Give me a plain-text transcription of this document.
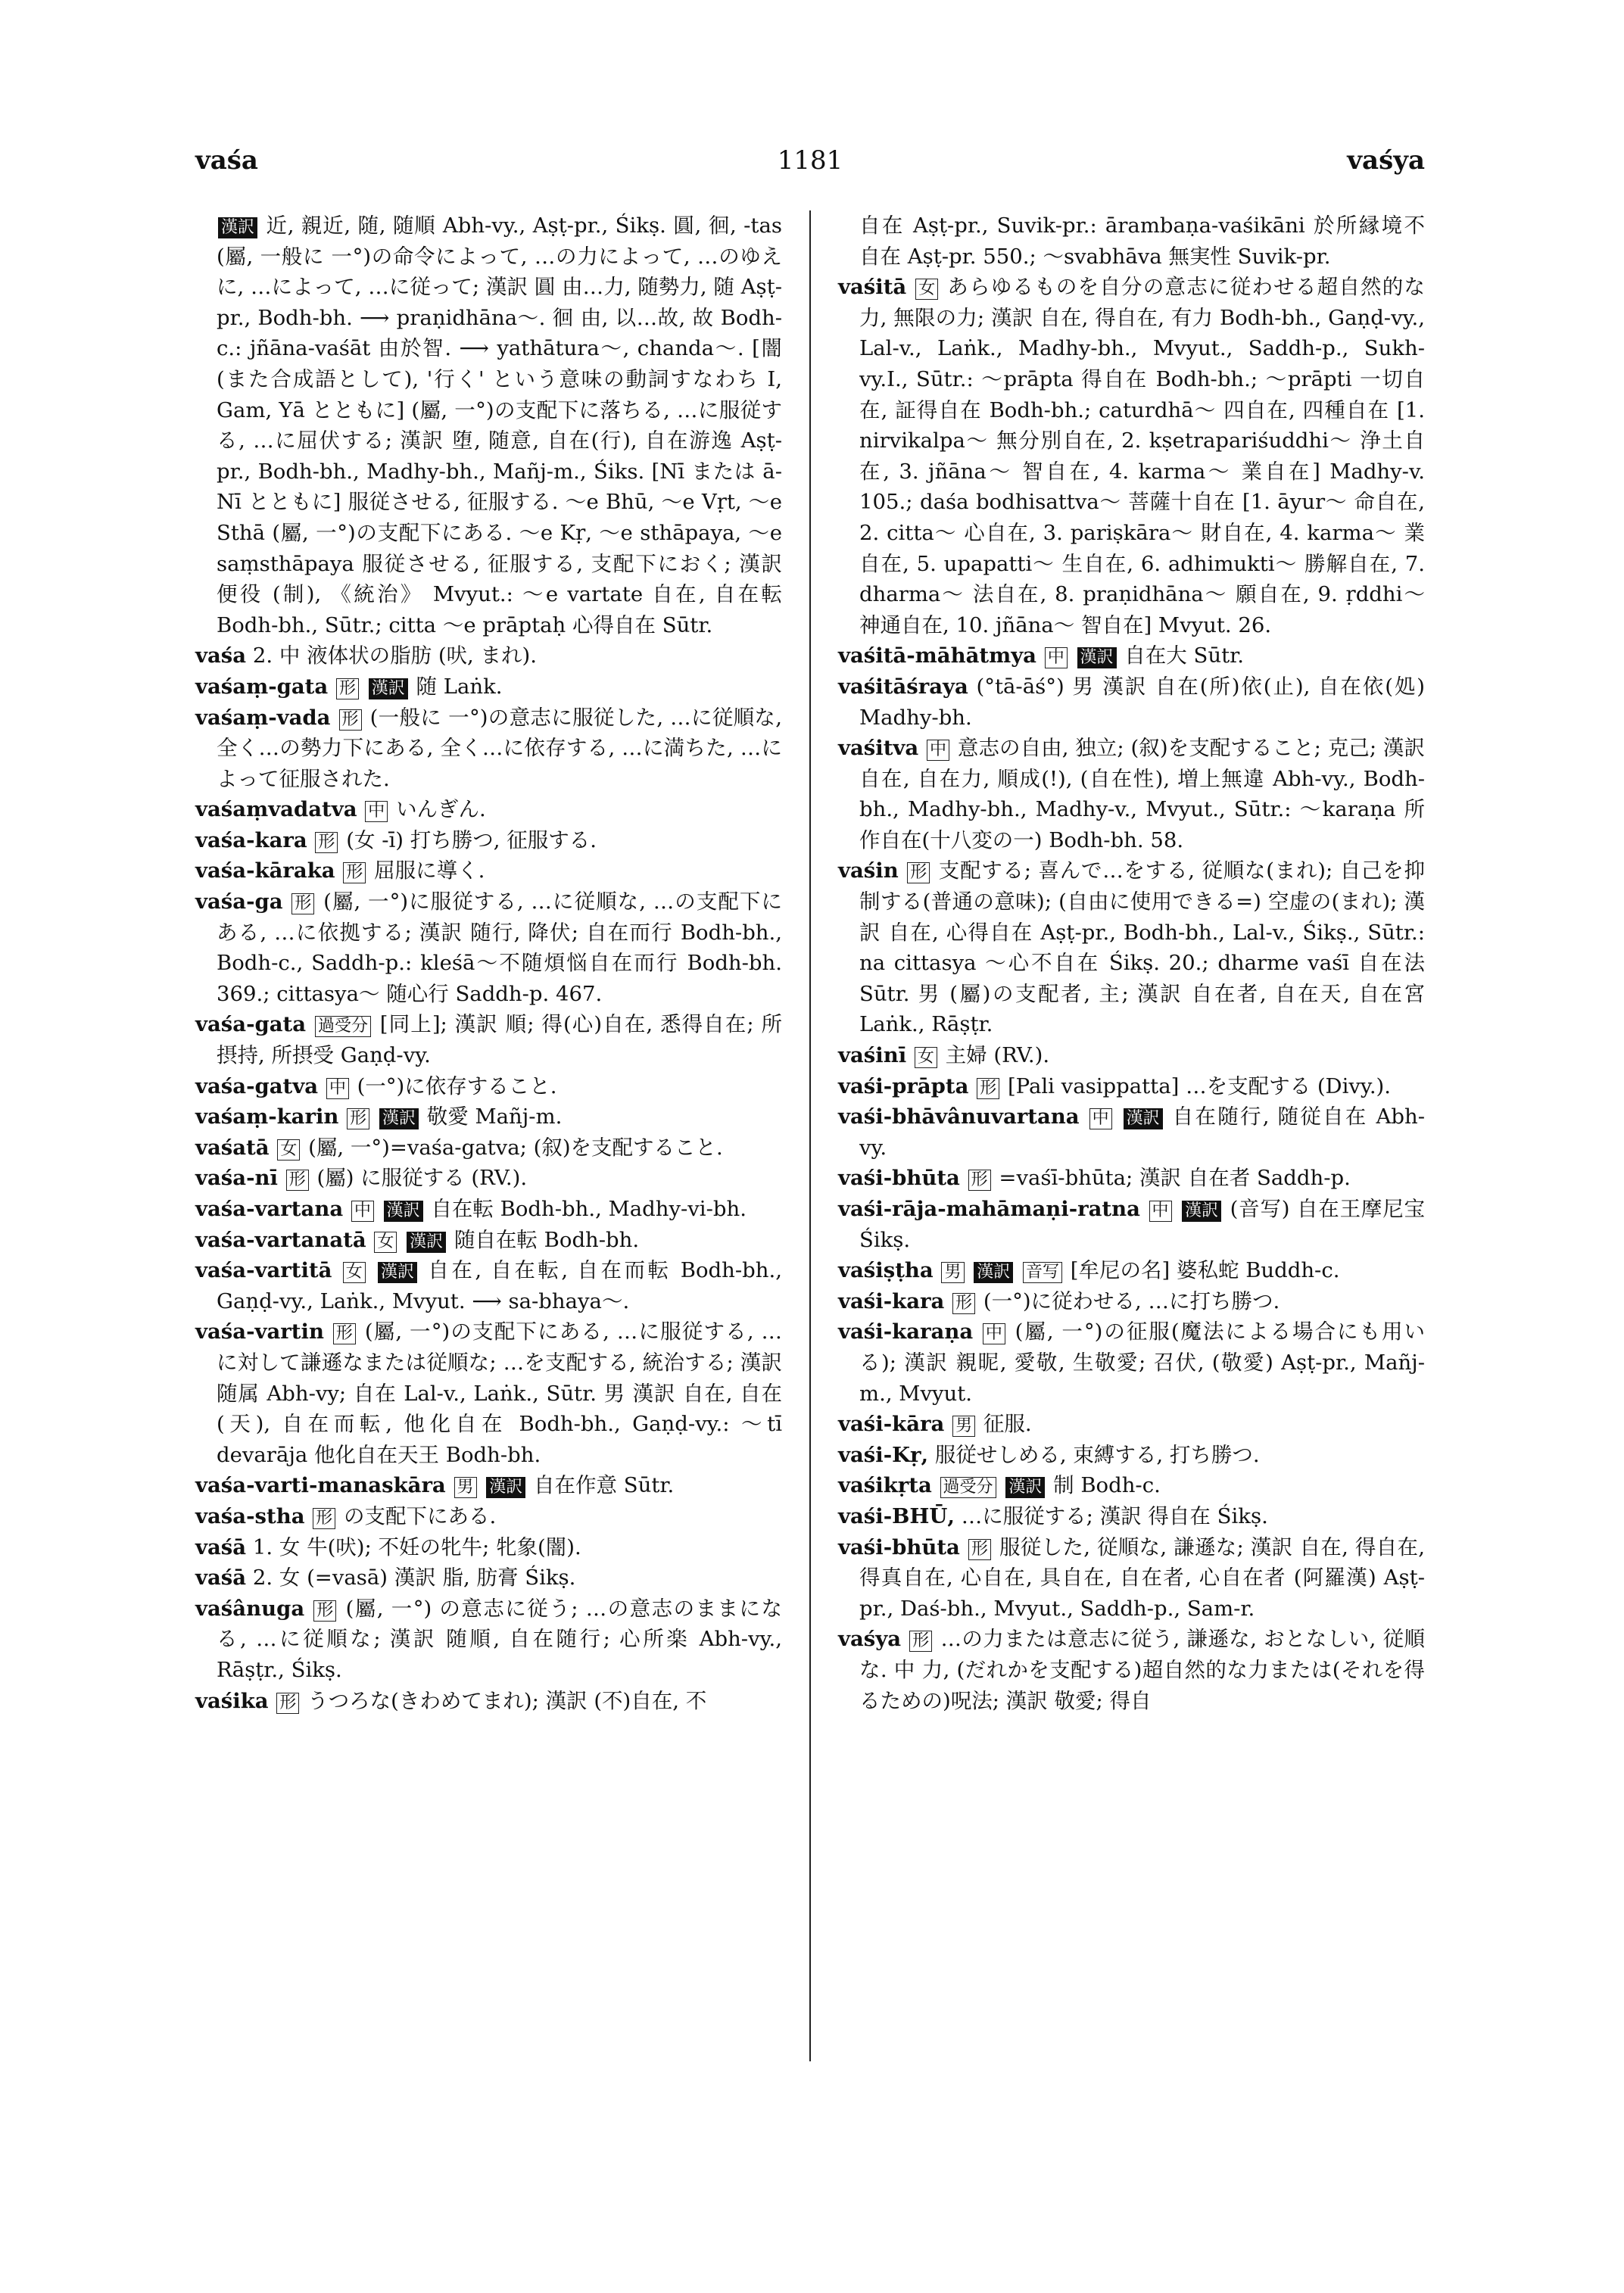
vaśa	1181	vaśya

漢訳 近, 親近, 随, 随順 Abh-vy., Aṣṭ-pr., Śikṣ. 圓, 徊, -tas (屬, 一般に 一°)の命令によって, …の力によって, …のゆえに, …によって, …に従って; 漢訳 圓 由…力, 随勢力, 随 Aṣṭ-pr., Bodh-bh. ⟶ praṇidhāna～. 徊 由, 以…故, 故 Bodh-c.: jñāna-vaśāt 由於智. ⟶ yathātura～, chanda～. [闇 (また合成語として), '行く' という意味の動詞すなわち I, Gam, Yā とともに] (屬, 一°)の支配下に落ちる, …に服従する, …に屈伏する; 漢訳 堕, 随意, 自在(行), 自在游逸 Aṣṭ-pr., Bodh-bh., Madhy-bh., Mañj-m., Śiks. [Nī または ā-Nī とともに] 服従させる, 征服する. ～e Bhū, ～e Vṛt, ～e Sthā (屬, 一°)の支配下にある. ～e Kṛ, ～e sthāpaya, ～e saṃsthāpaya 服従させる, 征服する, 支配下におく; 漢訳 便役 (制), 《統治》 Mvyut.: ～e vartate 自在, 自在転 Bodh-bh., Sūtr.; citta ～e prāptaḥ 心得自在 Sūtr.

vaśa 2. 中 液体状の脂肪 (吠, まれ).

vaśaṃ-gata 形 漢訳 随 Laṅk.

vaśaṃ-vada 形 (一般に 一°)の意志に服従した, …に従順な, 全く…の勢力下にある, 全く…に依存する, …に満ちた, …によって征服された.

vaśaṃvadatva 中 いんぎん.

vaśa-kara 形 (女 -ī) 打ち勝つ, 征服する.

vaśa-kāraka 形 屈服に導く.

vaśa-ga 形 (屬, 一°)に服従する, …に従順な, …の支配下にある, …に依拠する; 漢訳 随行, 降伏; 自在而行 Bodh-bh., Bodh-c., Saddh-p.: kleśā～不随煩悩自在而行 Bodh-bh. 369.; cittasya～ 随心行 Saddh-p. 467.

vaśa-gata 過受分 [同上]; 漢訳 順; 得(心)自在, 悉得自在; 所摂持, 所摂受 Gaṇḍ-vy.

vaśa-gatva 中 (一°)に依存すること.

vaśaṃ-karin 形 漢訳 敬愛 Mañj-m.

vaśatā 女 (屬, 一°)=vaśa-gatva; (叙)を支配すること.

vaśa-nī 形 (屬) に服従する (RV.).

vaśa-vartana 中 漢訳 自在転 Bodh-bh., Madhy-vi-bh.

vaśa-vartanatā 女 漢訳 随自在転 Bodh-bh.

vaśa-vartitā 女 漢訳 自在, 自在転, 自在而転 Bodh-bh., Gaṇḍ-vy., Laṅk., Mvyut. ⟶ sa-bhaya～.

vaśa-vartin 形 (屬, 一°)の支配下にある, …に服従する, …に対して謙遜なまたは従順な; …を支配する, 統治する; 漢訳 随属 Abh-vy; 自在 Lal-v., Laṅk., Sūtr. 男 漢訳 自在, 自在(天), 自在而転, 他化自在 Bodh-bh., Gaṇḍ-vy.: ～tī devarāja 他化自在天王 Bodh-bh.

vaśa-varti-manaskāra 男 漢訳 自在作意 Sūtr.

vaśa-stha 形 の支配下にある.

vaśā 1. 女 牛(吠); 不妊の牝牛; 牝象(闇).

vaśā 2. 女 (=vasā) 漢訳 脂, 肪膏 Śikṣ.

vaśânuga 形 (屬, 一°) の意志に従う; …の意志のままになる, …に従順な; 漢訳 随順, 自在随行; 心所楽 Abh-vy., Rāṣṭr., Śikṣ.

vaśika 形 うつろな(きわめてまれ); 漢訳 (不)自在, 不

自在 Aṣṭ-pr., Suvik-pr.: ārambaṇa-vaśikāni 於所縁境不自在 Aṣṭ-pr. 550.; ～svabhāva 無実性 Suvik-pr.

vaśitā 女 あらゆるものを自分の意志に従わせる超自然的な力, 無限の力; 漢訳 自在, 得自在, 有力 Bodh-bh., Gaṇḍ-vy., Lal-v., Laṅk., Madhy-bh., Mvyut., Saddh-p., Sukh-vy.I., Sūtr.: ～prāpta 得自在 Bodh-bh.; ～prāpti 一切自在, 証得自在 Bodh-bh.; caturdhā～ 四自在, 四種自在 [1. nirvikalpa～ 無分別自在, 2. kṣetrapariśuddhi～ 浄土自在, 3. jñāna～ 智自在, 4. karma～ 業自在] Madhy-v. 105.; daśa bodhisattva～ 菩薩十自在 [1. āyur～ 命自在, 2. citta～ 心自在, 3. pariṣkāra～ 財自在, 4. karma～ 業自在, 5. upapatti～ 生自在, 6. adhimukti～ 勝解自在, 7. dharma～ 法自在, 8. praṇidhāna～ 願自在, 9. ṛddhi～ 神通自在, 10. jñāna～ 智自在] Mvyut. 26.

vaśitā-māhātmya 中 漢訳 自在大 Sūtr.

vaśitāśraya (°tā-āś°) 男 漢訳 自在(所)依(止), 自在依(処) Madhy-bh.

vaśitva 中 意志の自由, 独立; (叙)を支配すること; 克己; 漢訳 自在, 自在力, 順成(!), (自在性), 増上無違 Abh-vy., Bodh-bh., Madhy-bh., Madhy-v., Mvyut., Sūtr.: ～karaṇa 所作自在(十八変の一) Bodh-bh. 58.

vaśin 形 支配する; 喜んで…をする, 従順な(まれ); 自己を抑制する(普通の意味); (自由に使用できる=) 空虚の(まれ); 漢訳 自在, 心得自在 Aṣṭ-pr., Bodh-bh., Lal-v., Śikṣ., Sūtr.: na cittasya ～心不自在 Śikṣ. 20.; dharme vaśī 自在法 Sūtr. 男 (屬)の支配者, 主; 漢訳 自在者, 自在天, 自在宮 Laṅk., Rāṣṭr.

vaśinī 女 主婦 (RV.).

vaśi-prāpta 形 [Pali vasippatta] …を支配する (Divy.).

vaśi-bhāvânuvartana 中 漢訳 自在随行, 随従自在 Abh-vy.

vaśi-bhūta 形 =vaśī-bhūta; 漢訳 自在者 Saddh-p.

vaśi-rāja-mahāmaṇi-ratna 中 漢訳 (音写) 自在王摩尼宝 Śikṣ.

vaśiṣṭha 男 漢訳 音写 [牟尼の名] 婆私蛇 Buddh-c.

vaśi-kara 形 (一°)に従わせる, …に打ち勝つ.

vaśi-karaṇa 中 (屬, 一°)の征服(魔法による場合にも用いる); 漢訳 親昵, 愛敬, 生敬愛; 召伏, (敬愛) Aṣṭ-pr., Mañj-m., Mvyut.

vaśi-kāra 男 征服.

vaśi-Kṛ, 服従せしめる, 束縛する, 打ち勝つ.

vaśikṛta 過受分 漢訳 制 Bodh-c.

vaśi-BHŪ, …に服従する; 漢訳 得自在 Śikṣ.

vaśi-bhūta 形 服従した, 従順な, 謙遜な; 漢訳 自在, 得自在, 得真自在, 心自在, 具自在, 自在者, 心自在者 (阿羅漢) Aṣṭ-pr., Daś-bh., Mvyut., Saddh-p., Sam-r.

vaśya 形 …の力または意志に従う, 謙遜な, おとなしい, 従順な. 中 力, (だれかを支配する)超自然的な力または(それを得るための)呪法; 漢訳 敬愛; 得自
